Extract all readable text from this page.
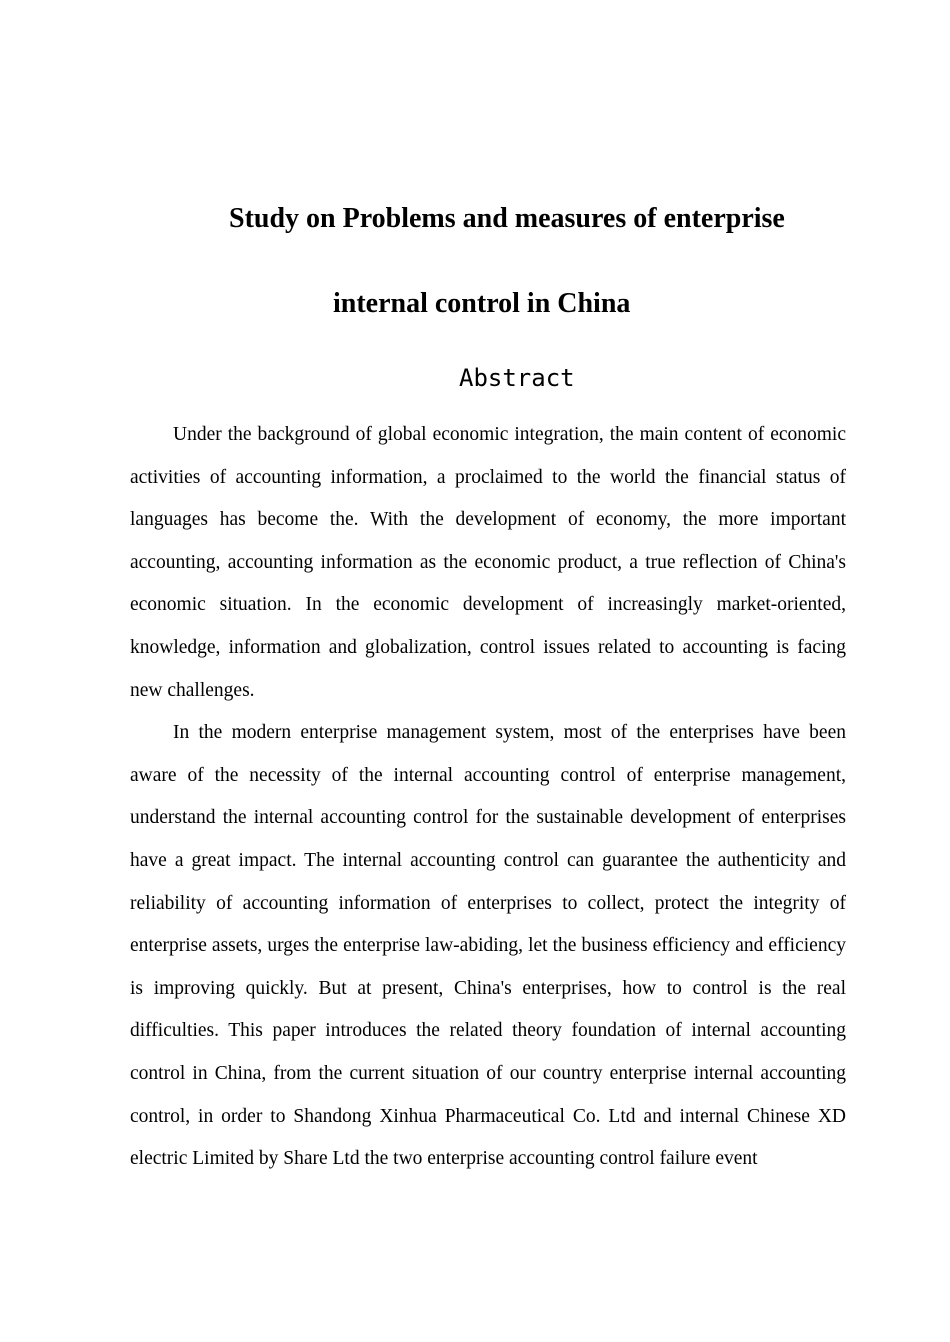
Study on Problems and measures of enterprise
internal control in China
Abstract

Under the background of global economic integration, the main content of economic activities of accounting information, a proclaimed to the world the financial status of languages has become the. With the development of economy, the more important accounting, accounting information as the economic product, a true reflection of China's economic situation. In the economic development of increasingly market-oriented, knowledge, information and globalization, control issues related to accounting is facing new challenges.

In the modern enterprise management system, most of the enterprises have been aware of the necessity of the internal accounting control of enterprise management, understand the internal accounting control for the sustainable development of enterprises have a great impact. The internal accounting control can guarantee the authenticity and reliability of accounting information of enterprises to collect, protect the integrity of enterprise assets, urges the enterprise law-abiding, let the business efficiency and efficiency is improving quickly. But at present, China's enterprises, how to control is the real difficulties. This paper introduces the related theory foundation of internal accounting control in China, from the current situation of our country enterprise internal accounting control, in order to Shandong Xinhua Pharmaceutical Co. Ltd and internal Chinese XD electric Limited by Share Ltd the two enterprise accounting control failure event
